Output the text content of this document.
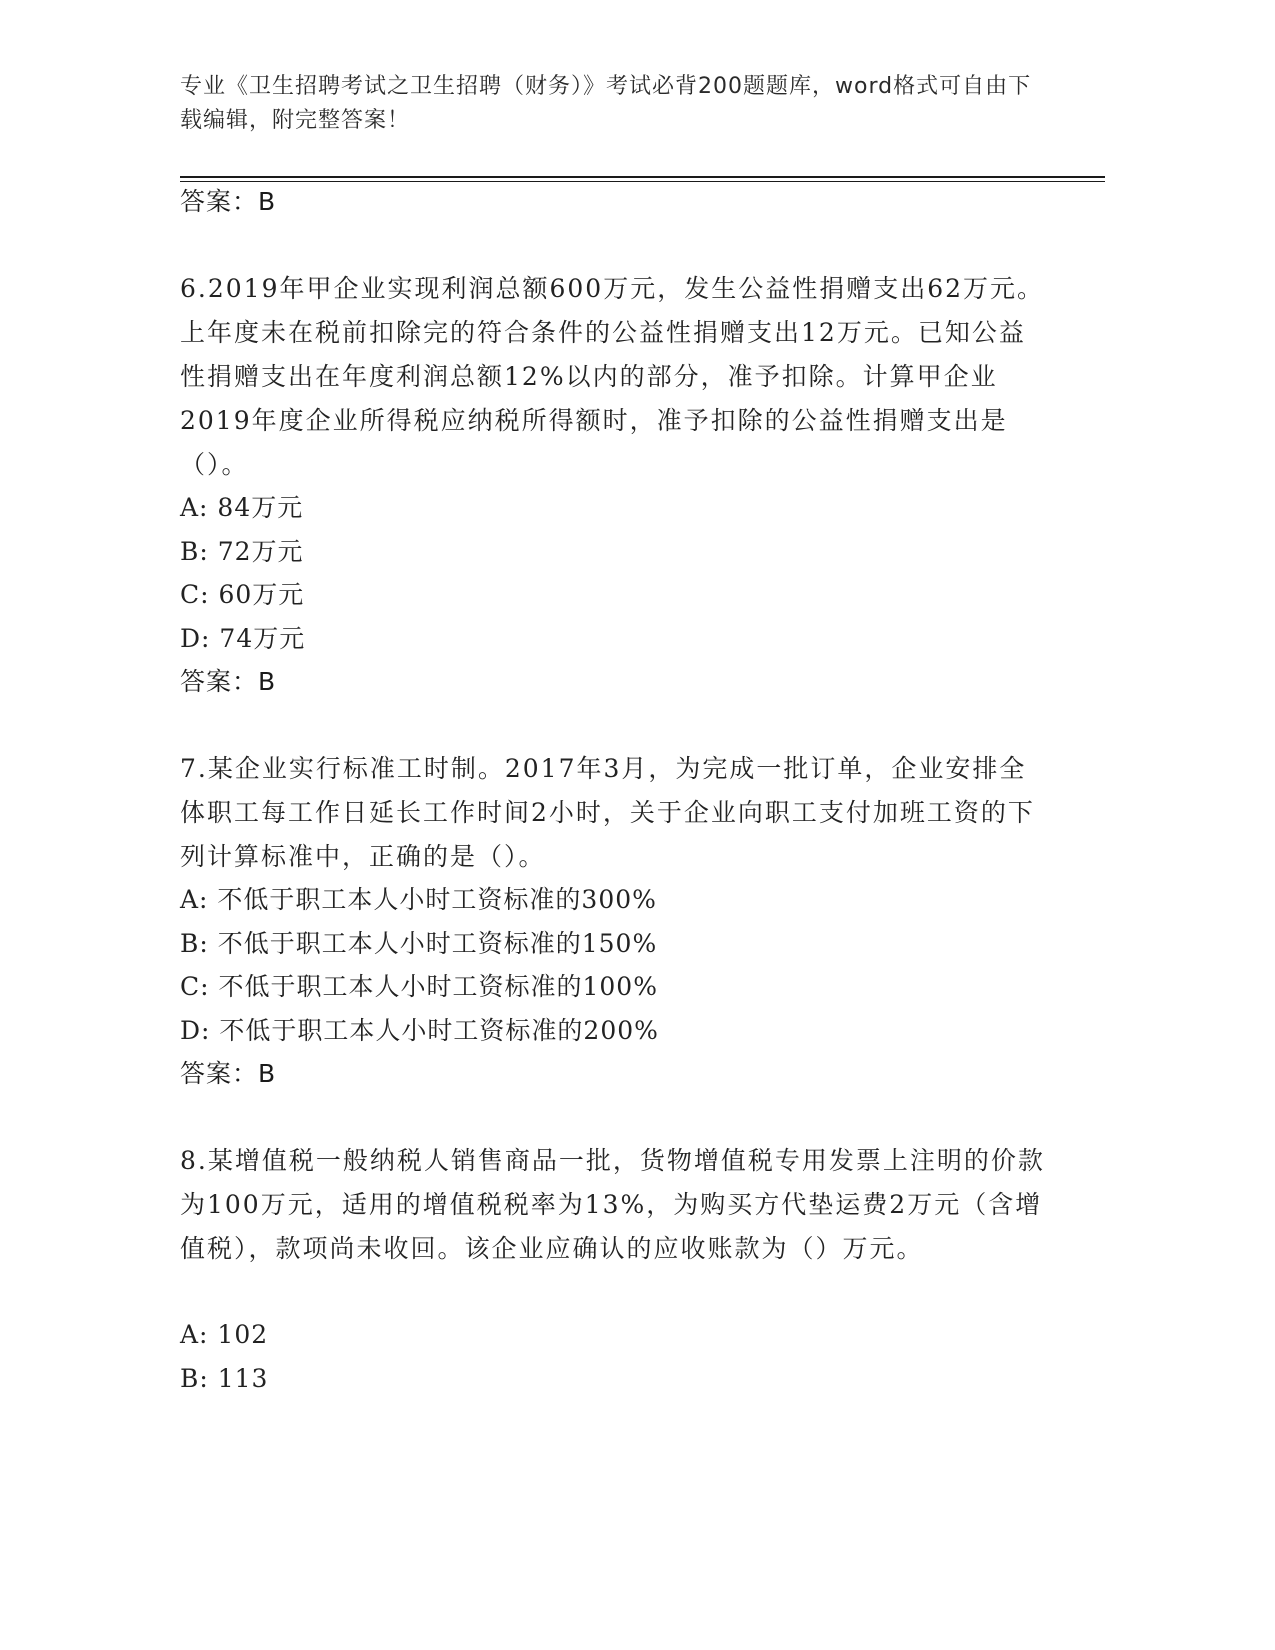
专业《卫生招聘考试之卫生招聘（财务）》考试必背200题题库，word格式可自由下载编辑，附完整答案！
答案：B
6.2019年甲企业实现利润总额600万元，发生公益性捐赠支出62万元。上年度未在税前扣除完的符合条件的公益性捐赠支出12万元。已知公益性捐赠支出在年度利润总额12%以内的部分，准予扣除。计算甲企业2019年度企业所得税应纳税所得额时，准予扣除的公益性捐赠支出是（）。
A: 84万元
B: 72万元
C: 60万元
D: 74万元
答案：B
7.某企业实行标准工时制。2017年3月，为完成一批订单，企业安排全体职工每工作日延长工作时间2小时，关于企业向职工支付加班工资的下列计算标准中，正确的是（）。
A: 不低于职工本人小时工资标准的300%
B: 不低于职工本人小时工资标准的150%
C: 不低于职工本人小时工资标准的100%
D: 不低于职工本人小时工资标准的200%
答案：B
8.某增值税一般纳税人销售商品一批，货物增值税专用发票上注明的价款为100万元，适用的增值税税率为13%，为购买方代垫运费2万元（含增值税），款项尚未收回。该企业应确认的应收账款为（）万元。
A: 102
B: 113
